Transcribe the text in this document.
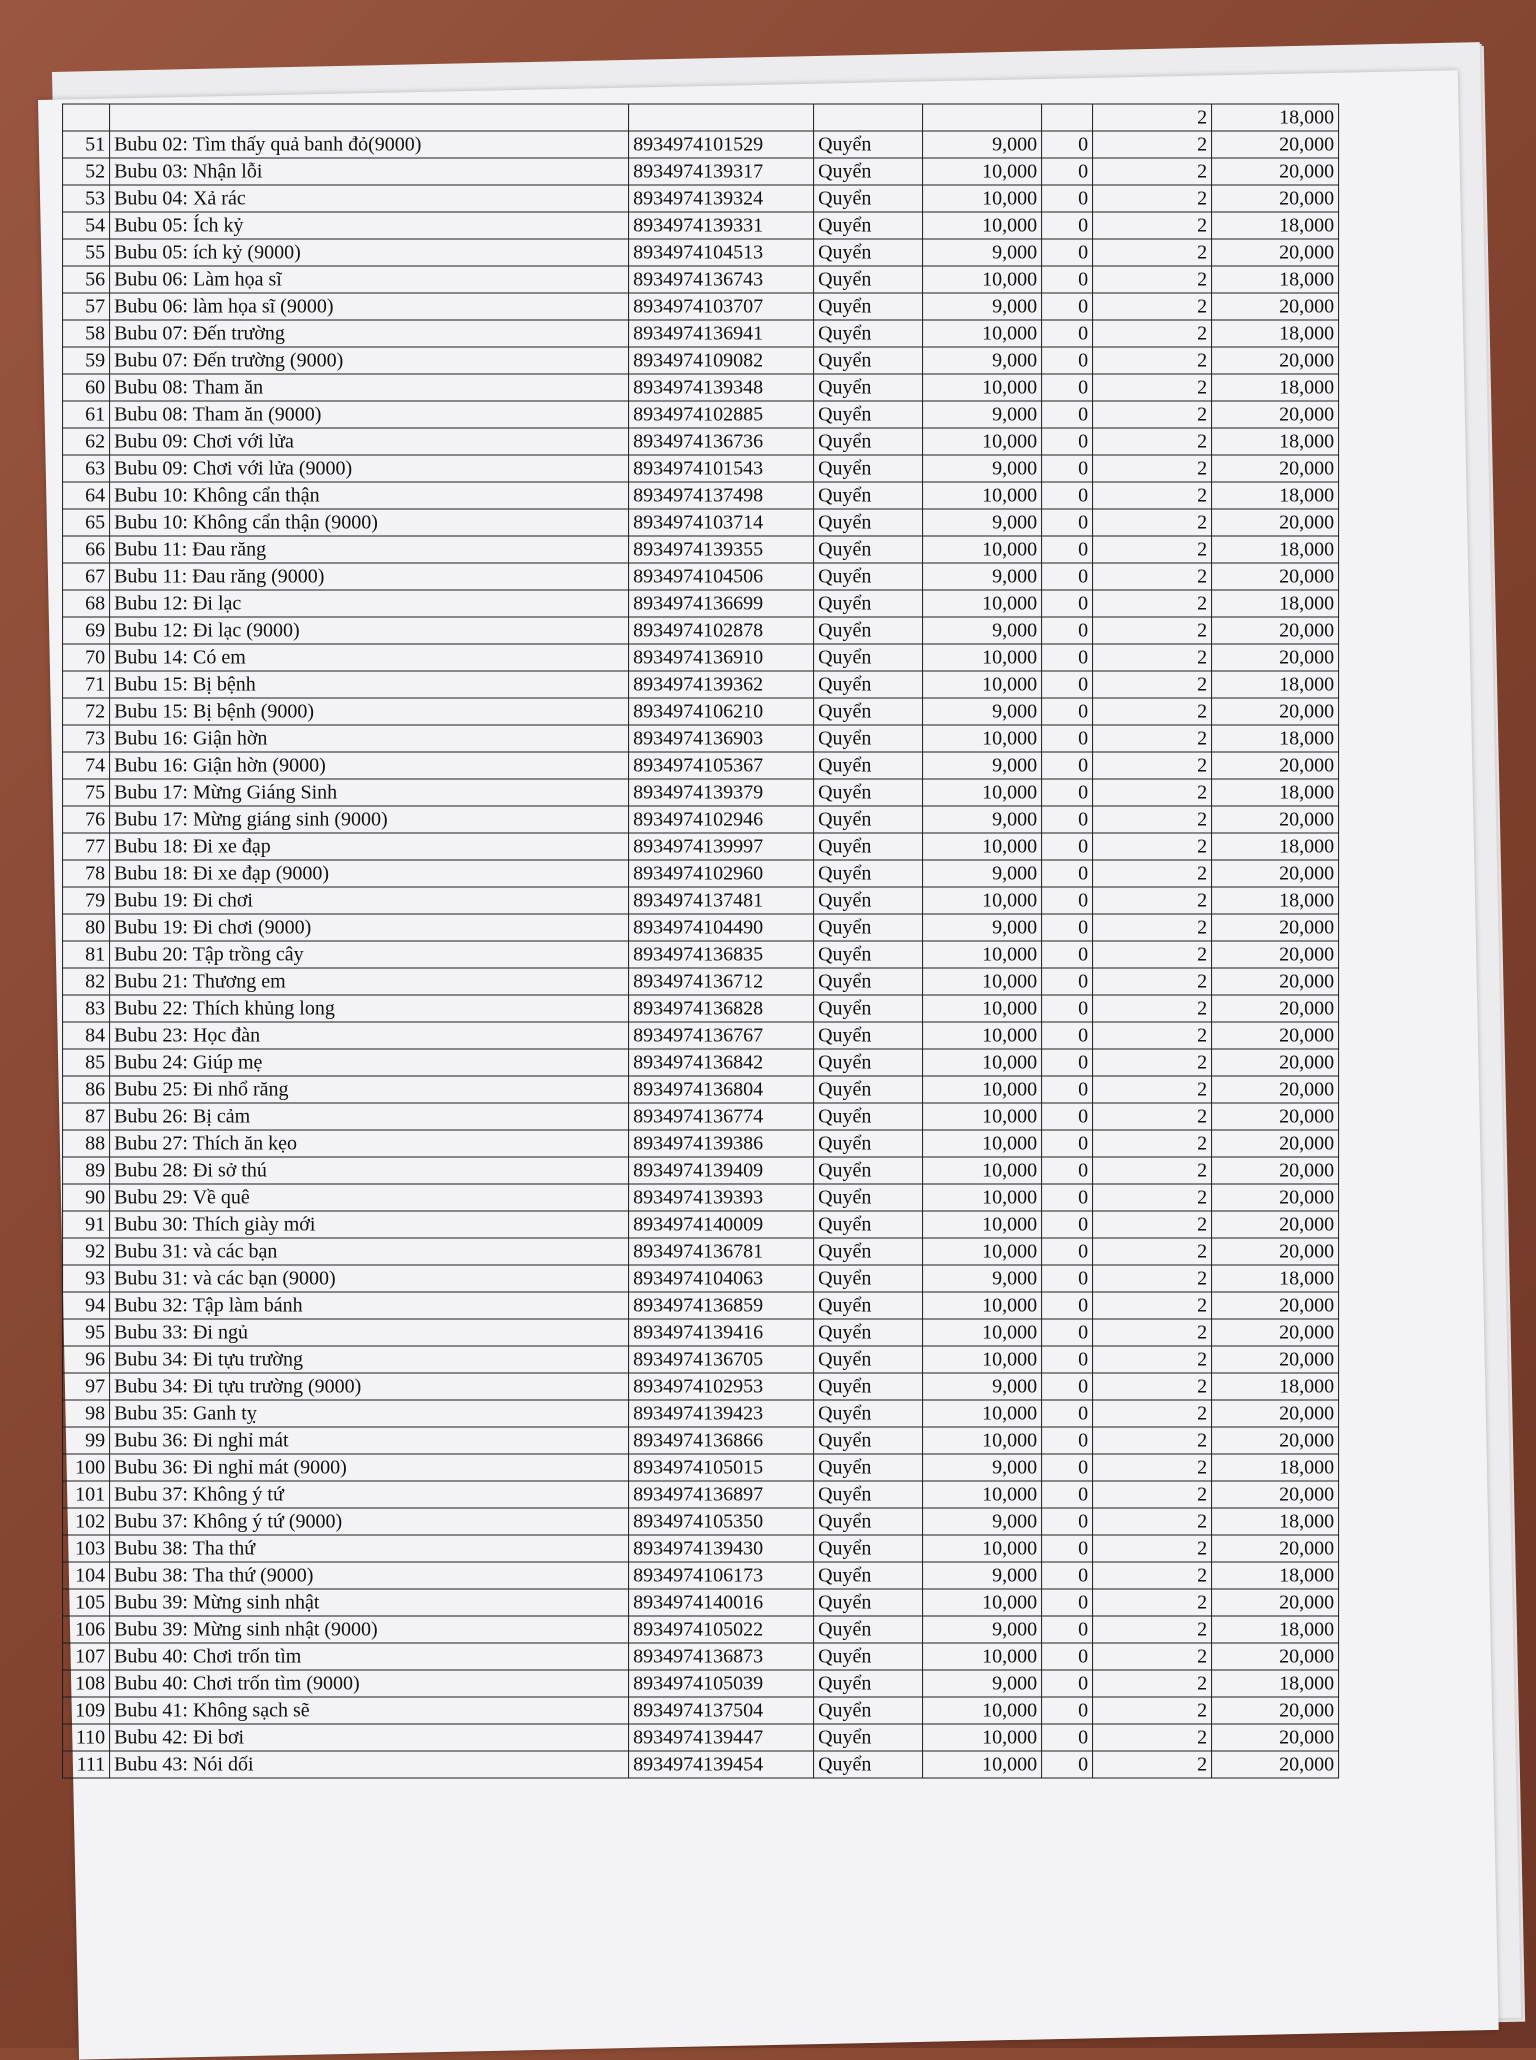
						2	18,000
51	Bubu 02: Tìm thấy quả banh đỏ(9000)	8934974101529	Quyển	9,000	0	2	20,000
52	Bubu 03: Nhận lỗi	8934974139317	Quyển	10,000	0	2	20,000
53	Bubu 04: Xả rác	8934974139324	Quyển	10,000	0	2	20,000
54	Bubu 05: Ích kỷ	8934974139331	Quyển	10,000	0	2	18,000
55	Bubu 05: ích kỷ (9000)	8934974104513	Quyển	9,000	0	2	20,000
56	Bubu 06: Làm họa sĩ	8934974136743	Quyển	10,000	0	2	18,000
57	Bubu 06: làm họa sĩ (9000)	8934974103707	Quyển	9,000	0	2	20,000
58	Bubu 07: Đến trường	8934974136941	Quyển	10,000	0	2	18,000
59	Bubu 07: Đến trường (9000)	8934974109082	Quyển	9,000	0	2	20,000
60	Bubu 08: Tham ăn	8934974139348	Quyển	10,000	0	2	18,000
61	Bubu 08: Tham ăn (9000)	8934974102885	Quyển	9,000	0	2	20,000
62	Bubu 09: Chơi với lửa	8934974136736	Quyển	10,000	0	2	18,000
63	Bubu 09: Chơi với lửa (9000)	8934974101543	Quyển	9,000	0	2	20,000
64	Bubu 10: Không cẩn thận	8934974137498	Quyển	10,000	0	2	18,000
65	Bubu 10: Không cẩn thận (9000)	8934974103714	Quyển	9,000	0	2	20,000
66	Bubu 11: Đau răng	8934974139355	Quyển	10,000	0	2	18,000
67	Bubu 11: Đau răng (9000)	8934974104506	Quyển	9,000	0	2	20,000
68	Bubu 12: Đi lạc	8934974136699	Quyển	10,000	0	2	18,000
69	Bubu 12: Đi lạc (9000)	8934974102878	Quyển	9,000	0	2	20,000
70	Bubu 14: Có em	8934974136910	Quyển	10,000	0	2	20,000
71	Bubu 15: Bị bệnh	8934974139362	Quyển	10,000	0	2	18,000
72	Bubu 15: Bị bệnh (9000)	8934974106210	Quyển	9,000	0	2	20,000
73	Bubu 16: Giận hờn	8934974136903	Quyển	10,000	0	2	18,000
74	Bubu 16: Giận hờn (9000)	8934974105367	Quyển	9,000	0	2	20,000
75	Bubu 17: Mừng Giáng Sinh	8934974139379	Quyển	10,000	0	2	18,000
76	Bubu 17: Mừng giáng sinh (9000)	8934974102946	Quyển	9,000	0	2	20,000
77	Bubu 18: Đi xe đạp	8934974139997	Quyển	10,000	0	2	18,000
78	Bubu 18: Đi xe đạp (9000)	8934974102960	Quyển	9,000	0	2	20,000
79	Bubu 19: Đi chơi	8934974137481	Quyển	10,000	0	2	18,000
80	Bubu 19: Đi chơi (9000)	8934974104490	Quyển	9,000	0	2	20,000
81	Bubu 20: Tập trồng cây	8934974136835	Quyển	10,000	0	2	20,000
82	Bubu 21: Thương em	8934974136712	Quyển	10,000	0	2	20,000
83	Bubu 22: Thích khủng long	8934974136828	Quyển	10,000	0	2	20,000
84	Bubu 23: Học đàn	8934974136767	Quyển	10,000	0	2	20,000
85	Bubu 24: Giúp mẹ	8934974136842	Quyển	10,000	0	2	20,000
86	Bubu 25: Đi nhổ răng	8934974136804	Quyển	10,000	0	2	20,000
87	Bubu 26: Bị cảm	8934974136774	Quyển	10,000	0	2	20,000
88	Bubu 27: Thích ăn kẹo	8934974139386	Quyển	10,000	0	2	20,000
89	Bubu 28: Đi sở thú	8934974139409	Quyển	10,000	0	2	20,000
90	Bubu 29: Về quê	8934974139393	Quyển	10,000	0	2	20,000
91	Bubu 30: Thích giày mới	8934974140009	Quyển	10,000	0	2	20,000
92	Bubu 31: và các bạn	8934974136781	Quyển	10,000	0	2	20,000
93	Bubu 31: và các bạn (9000)	8934974104063	Quyển	9,000	0	2	18,000
94	Bubu 32: Tập làm bánh	8934974136859	Quyển	10,000	0	2	20,000
95	Bubu 33: Đi ngủ	8934974139416	Quyển	10,000	0	2	20,000
96	Bubu 34: Đi tựu trường	8934974136705	Quyển	10,000	0	2	20,000
97	Bubu 34: Đi tựu trường (9000)	8934974102953	Quyển	9,000	0	2	18,000
98	Bubu 35: Ganh tỵ	8934974139423	Quyển	10,000	0	2	20,000
99	Bubu 36: Đi nghỉ mát	8934974136866	Quyển	10,000	0	2	20,000
100	Bubu 36: Đi nghỉ mát (9000)	8934974105015	Quyển	9,000	0	2	18,000
101	Bubu 37: Không ý tứ	8934974136897	Quyển	10,000	0	2	20,000
102	Bubu 37: Không ý tứ (9000)	8934974105350	Quyển	9,000	0	2	18,000
103	Bubu 38: Tha thứ	8934974139430	Quyển	10,000	0	2	20,000
104	Bubu 38: Tha thứ (9000)	8934974106173	Quyển	9,000	0	2	18,000
105	Bubu 39: Mừng sinh nhật	8934974140016	Quyển	10,000	0	2	20,000
106	Bubu 39: Mừng sinh nhật (9000)	8934974105022	Quyển	9,000	0	2	18,000
107	Bubu 40: Chơi trốn tìm	8934974136873	Quyển	10,000	0	2	20,000
108	Bubu 40: Chơi trốn tìm (9000)	8934974105039	Quyển	9,000	0	2	18,000
109	Bubu 41: Không sạch sẽ	8934974137504	Quyển	10,000	0	2	20,000
110	Bubu 42: Đi bơi	8934974139447	Quyển	10,000	0	2	20,000
111	Bubu 43: Nói dối	8934974139454	Quyển	10,000	0	2	20,000
